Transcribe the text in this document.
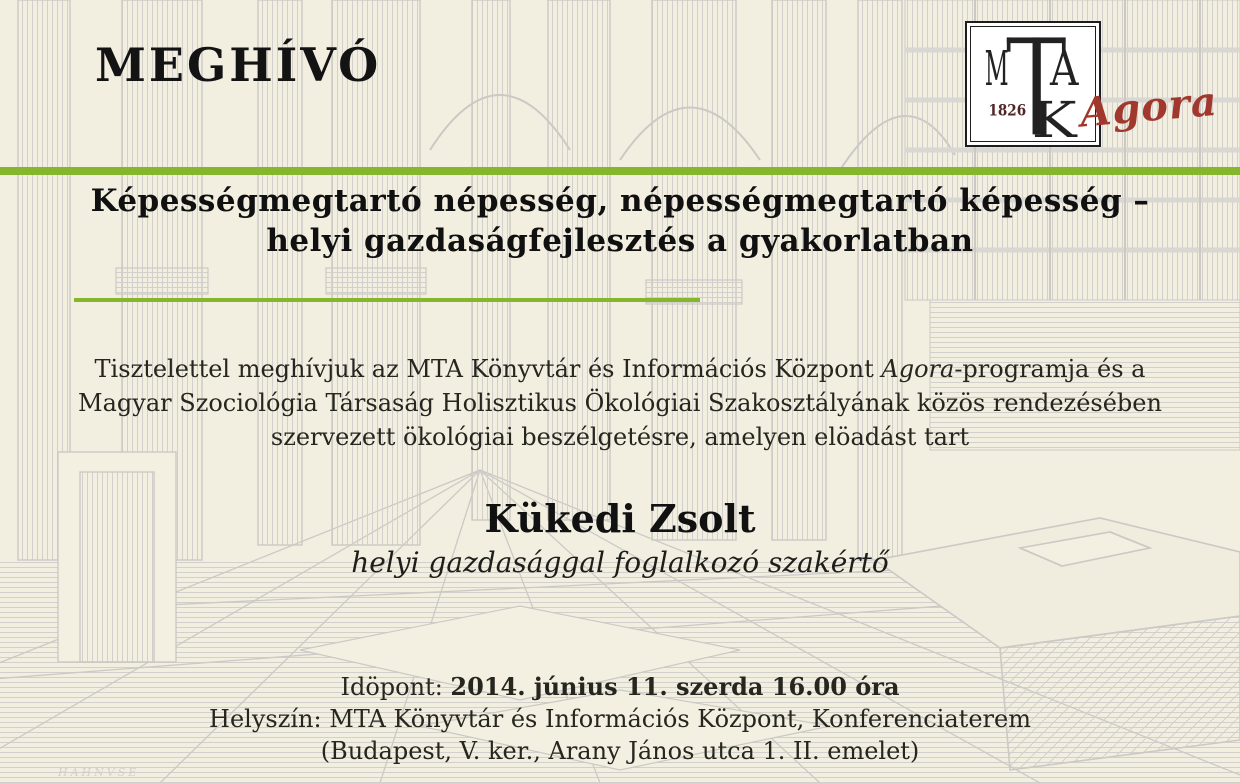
HAHNVSE
MEGHÍVÓ	M A
K
1826 Agora
Képességmegtartó népesség, népességmegtartó képesség –
helyi gazdaságfejlesztés a gyakorlatban
Tisztelettel meghívjuk az MTA Könyvtár és Információs Központ Agora-programja és a
Magyar Szociológia Társaság Holisztikus Ökológiai Szakosztályának közös rendezésében
szervezett ökológiai beszélgetésre, amelyen elöadást tart
Kükedi Zsolt
helyi gazdasággal foglalkozó szakértő
Idöpont: 2014. június 11. szerda 16.00 óra
Helyszín: MTA Könyvtár és Információs Központ, Konferenciaterem
(Budapest, V. ker., Arany János utca 1. II. emelet)
